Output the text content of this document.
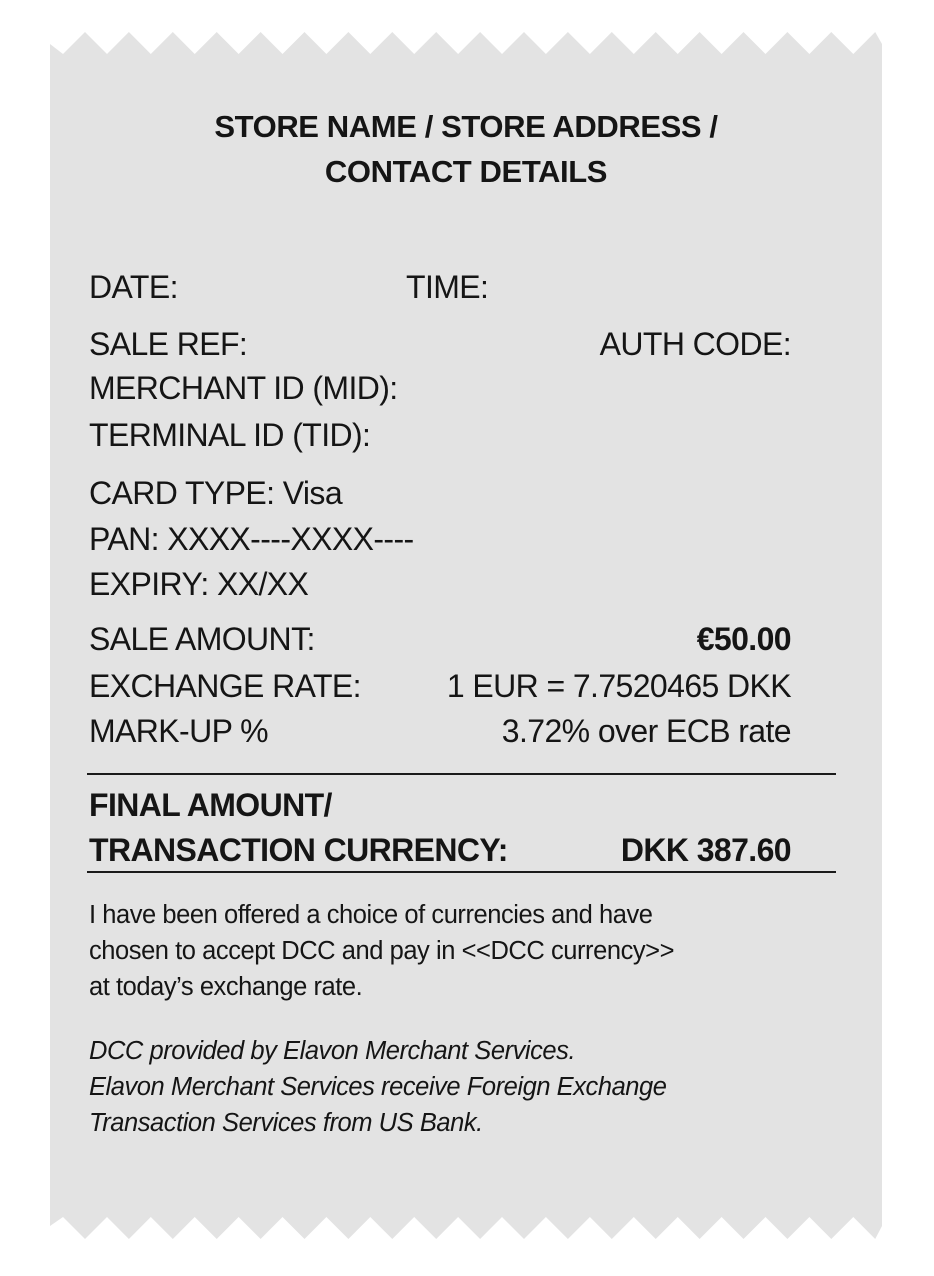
STORE NAME / STORE ADDRESS /
CONTACT DETAILS
DATE:	TIME:
SALE REF:	AUTH CODE:
MERCHANT ID (MID):
TERMINAL ID (TID):
CARD TYPE: Visa
PAN: XXXX----XXXX----
EXPIRY: XX/XX
SALE AMOUNT:	€50.00
EXCHANGE RATE:	1 EUR = 7.7520465 DKK
MARK-UP %	3.72% over ECB rate
FINAL AMOUNT/
TRANSACTION CURRENCY:	DKK 387.60
I have been offered a choice of currencies and have
chosen to accept DCC and pay in <<DCC currency>>
at today’s exchange rate.
DCC provided by Elavon Merchant Services.
Elavon Merchant Services receive Foreign Exchange
Transaction Services from US Bank.
